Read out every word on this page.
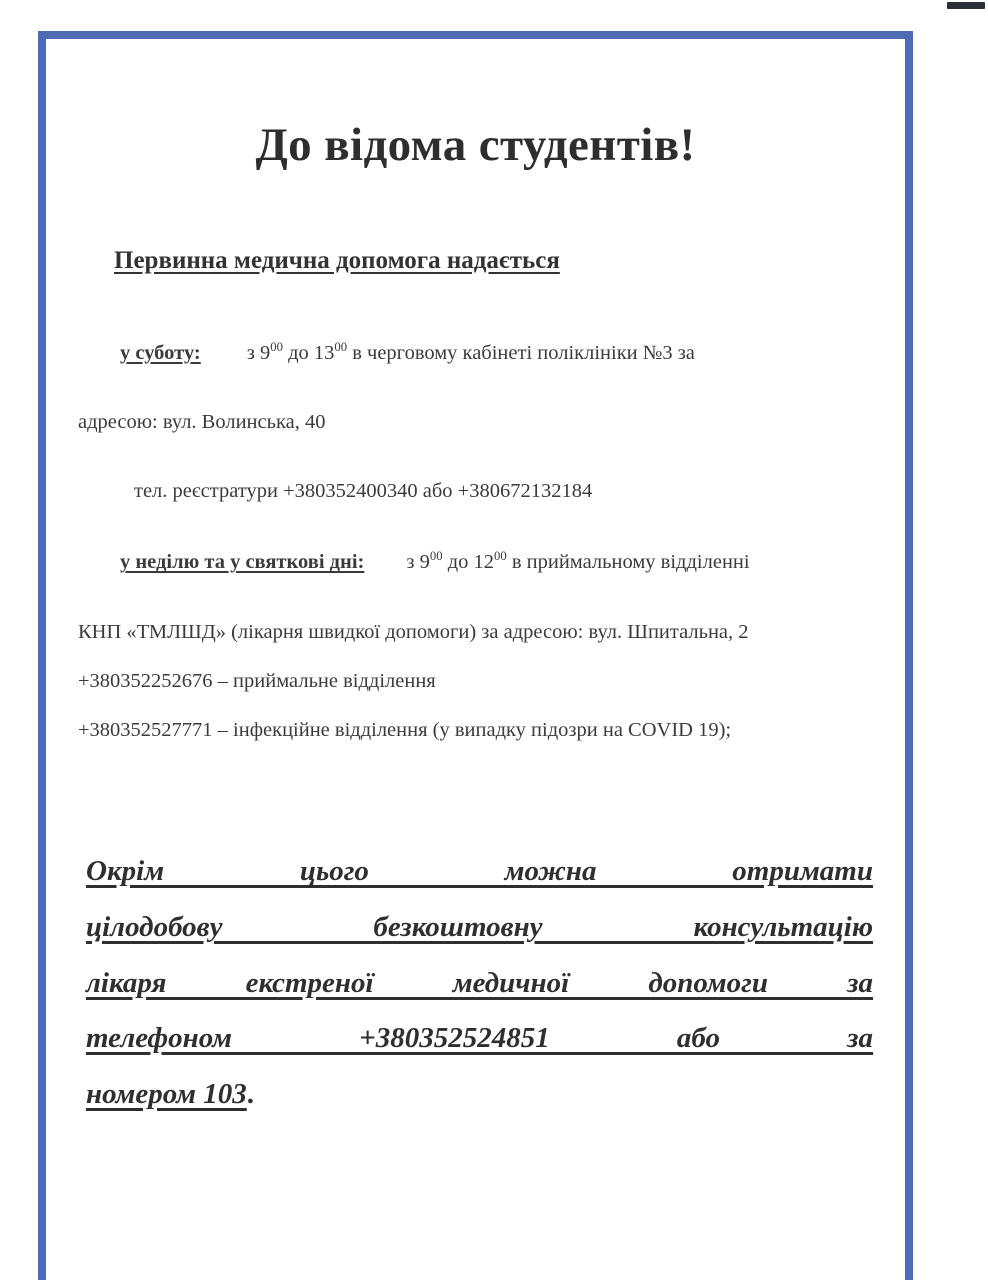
До відома студентів!
Первинна медична допомога надається
у суботу: з $9^{00}$ до $13^{00}$ в черговому кабінеті поліклініки №3 за
адресою: вул. Волинська, 40
тел. реєстратури +380352400340 або +380672132184
у неділю та у святкові дні: з $9^{00}$ до $12^{00}$ в приймальному відділенні
КНП «ТМЛШД» (лікарня швидкої допомоги) за адресою: вул. Шпитальна, 2
+380352252676 – приймальне відділення
+380352527771 – інфекційне відділення (у випадку підозри на COVID 19);
Окрім цього можна отримати
цілодобову безкоштовну консультацію
лікаря екстреної медичної допомоги за
телефоном +380352524851 або за
номером 103.
